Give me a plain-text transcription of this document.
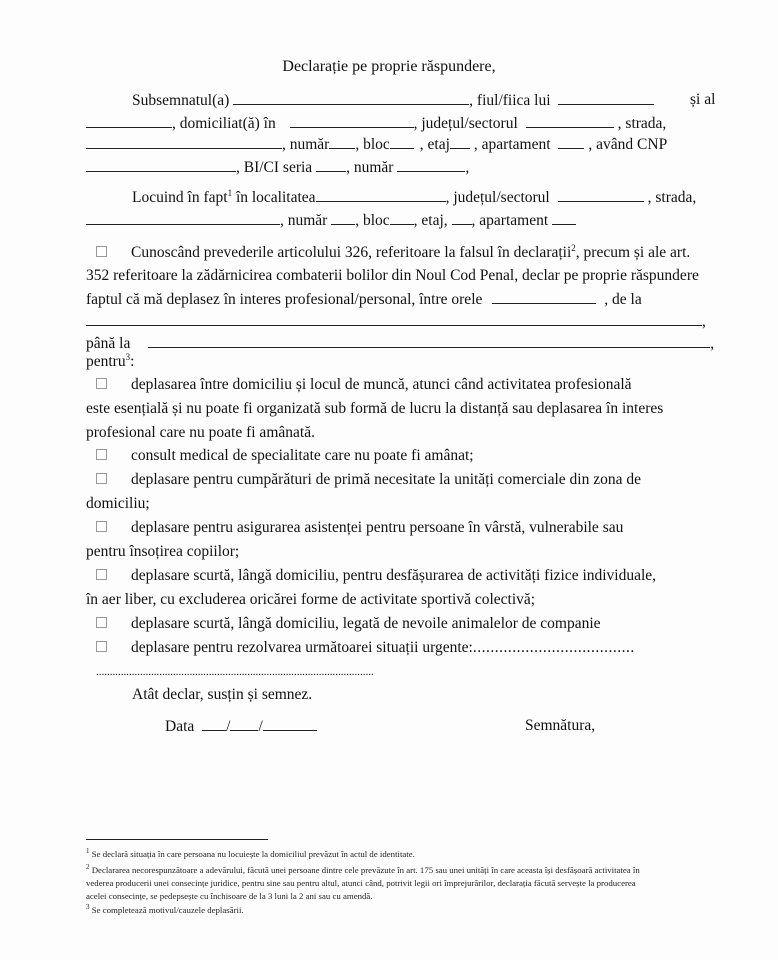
Declarație pe proprie răspundere,
Subsemnatul(a)	, fiul/fiica lui	și al
, domiciliat(ă) în	, județul/sectorul	, strada,
, număr , bloc , etaj , apartament , având CNP
, BI/CI seria , număr	,
Locuind în fapt$^1$ în localitatea	, județul/sectorul	, strada,
, număr , bloc , etaj, , apartament
Cunoscând prevederile articolului 326, referitoare la falsul în declarații$^2$, precum și ale art.
352 referitoare la zădărnicirea combaterii bolilor din Noul Cod Penal, declar pe proprie răspundere
faptul că mă deplasez în interes profesional/personal, între orele	, de la
,
până la	,
pentru$^3$:
deplasarea între domiciliu și locul de muncă, atunci când activitatea profesională
este esențială și nu poate fi organizată sub formă de lucru la distanță sau deplasarea în interes
profesional care nu poate fi amânată.
consult medical de specialitate care nu poate fi amânat;
deplasare pentru cumpărături de primă necesitate la unități comerciale din zona de
domiciliu;
deplasare pentru asigurarea asistenței pentru persoane în vârstă, vulnerabile sau
pentru însoțirea copiilor;
deplasare scurtă, lângă domiciliu, pentru desfășurarea de activități fizice individuale,
în aer liber, cu excluderea oricărei forme de activitate sportivă colectivă;
deplasare scurtă, lângă domiciliu, legată de nevoile animalelor de companie
deplasare pentru rezolvarea următoarei situații urgente:.....................................
.....................................................................................................
Atât declar, susțin și semnez.
Data / /	Semnătura,
$^1$ Se declară situația în care persoana nu locuiește la domiciliul prevăzut în actul de identitate.
$^2$ Declararea necorespunzătoare a adevărului, făcută unei persoane dintre cele prevăzute în art. 175 sau unei unități în care aceasta își desfășoară activitatea în
vederea producerii unei consecințe juridice, pentru sine sau pentru altul, atunci când, potrivit legii ori împrejurărilor, declarația făcută servește la producerea
acelei consecințe, se pedepsește cu închisoare de la 3 luni la 2 ani sau cu amendă.
$^3$ Se completează motivul/cauzele deplasării.
